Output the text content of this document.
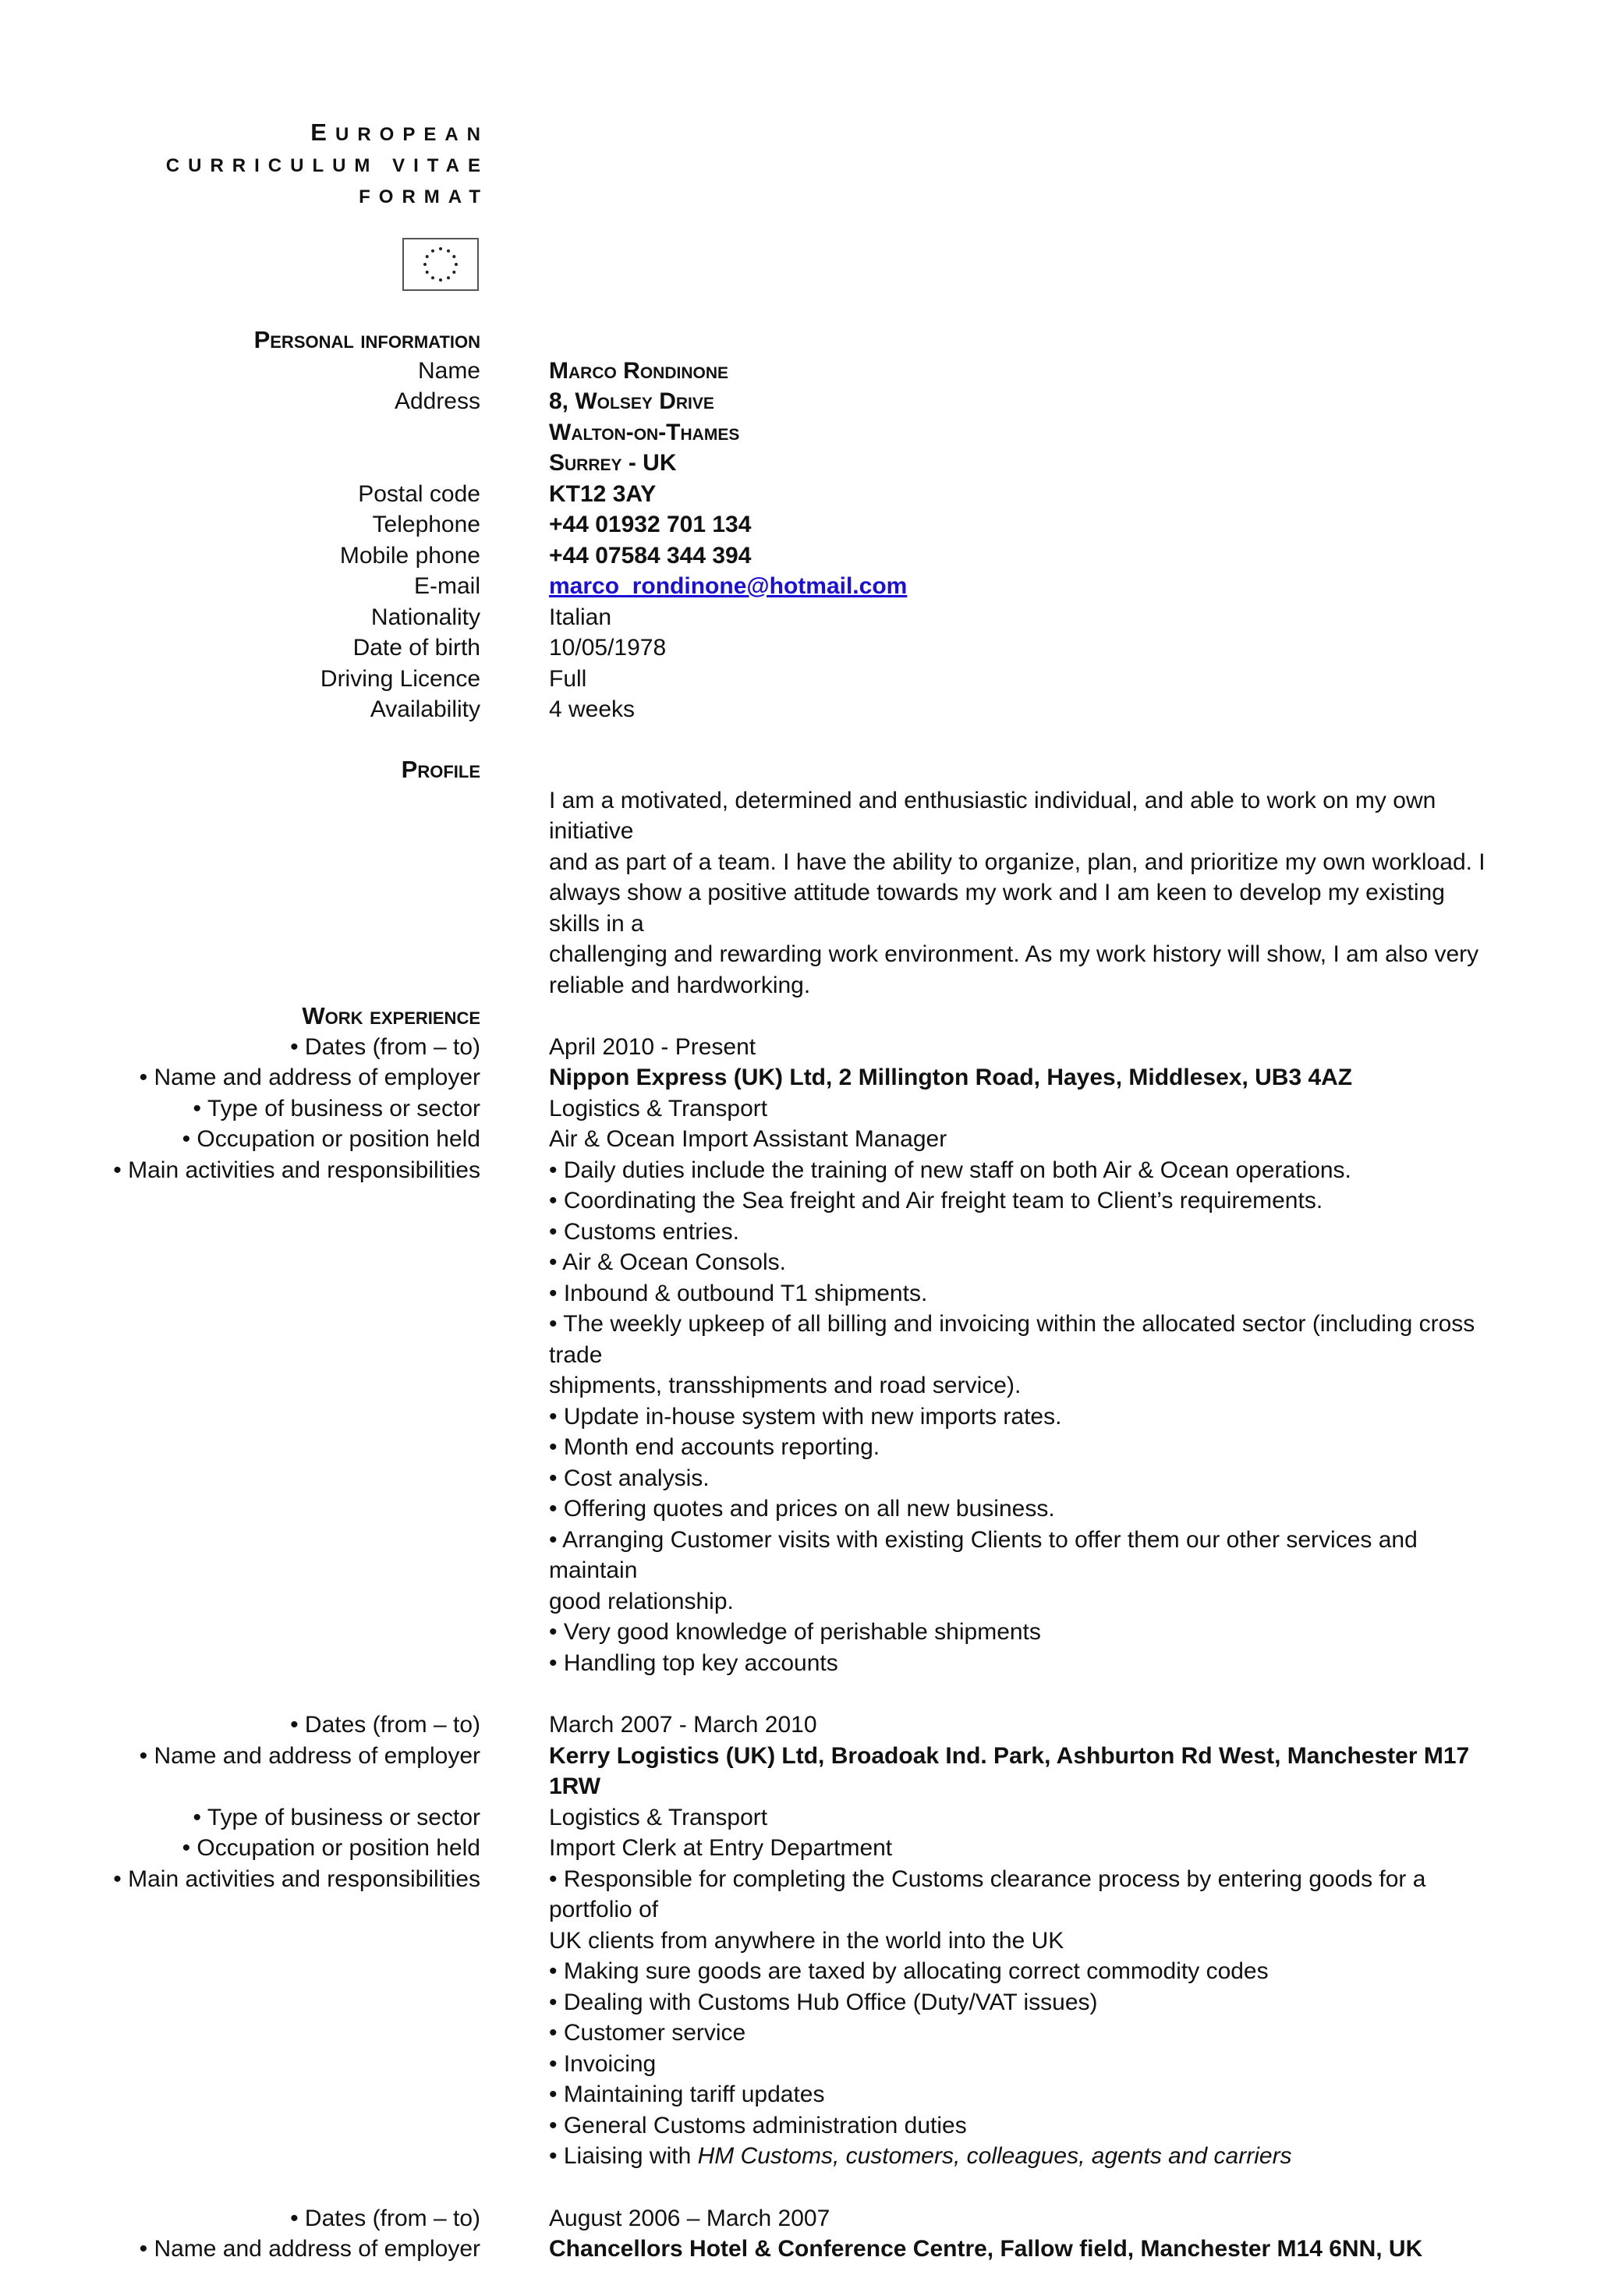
EUROPEAN
CURRICULUM VITAE
FORMAT
Personal information
Name	Marco Rondinone
Address	8, Wolsey Drive
Walton-on-Thames
Surrey - UK
Postal code	KT12 3AY
Telephone	+44 01932 701 134
Mobile phone	+44 07584 344 394
E-mail	marco_rondinone@hotmail.com
Nationality	Italian
Date of birth	10/05/1978
Driving Licence	Full
Availability	4 weeks
Profile
I am a motivated, determined and enthusiastic individual, and able to work on my own initiative
and as part of a team. I have the ability to organize, plan, and prioritize my own workload. I
always show a positive attitude towards my work and I am keen to develop my existing skills in a
challenging and rewarding work environment. As my work history will show, I am also very
reliable and hardworking.
Work experience
• Dates (from – to)	April 2010 - Present
• Name and address of employer	Nippon Express (UK) Ltd, 2 Millington Road, Hayes, Middlesex, UB3 4AZ
• Type of business or sector	Logistics & Transport
• Occupation or position held	Air & Ocean Import Assistant Manager
• Main activities and responsibilities	• Daily duties include the training of new staff on both Air & Ocean operations.
• Coordinating the Sea freight and Air freight team to Client’s requirements.
• Customs entries.
• Air & Ocean Consols.
• Inbound & outbound T1 shipments.
• The weekly upkeep of all billing and invoicing within the allocated sector (including cross trade
shipments, transshipments and road service).
• Update in-house system with new imports rates.
• Month end accounts reporting.
• Cost analysis.
• Offering quotes and prices on all new business.
• Arranging Customer visits with existing Clients to offer them our other services and maintain
good relationship.
• Very good knowledge of perishable shipments
• Handling top key accounts
• Dates (from – to)	March 2007 - March 2010
• Name and address of employer	Kerry Logistics (UK) Ltd, Broadoak Ind. Park, Ashburton Rd West, Manchester M17 1RW
• Type of business or sector	Logistics & Transport
• Occupation or position held	Import Clerk at Entry Department
• Main activities and responsibilities	• Responsible for completing the Customs clearance process by entering goods for a portfolio of
UK clients from anywhere in the world into the UK
• Making sure goods are taxed by allocating correct commodity codes
• Dealing with Customs Hub Office (Duty/VAT issues)
• Customer service
• Invoicing
• Maintaining tariff updates
• General Customs administration duties
• Liaising with HM Customs, customers, colleagues, agents and carriers
• Dates (from – to)	August 2006 – March 2007
• Name and address of employer	Chancellors Hotel & Conference Centre, Fallow field, Manchester M14 6NN, UK
